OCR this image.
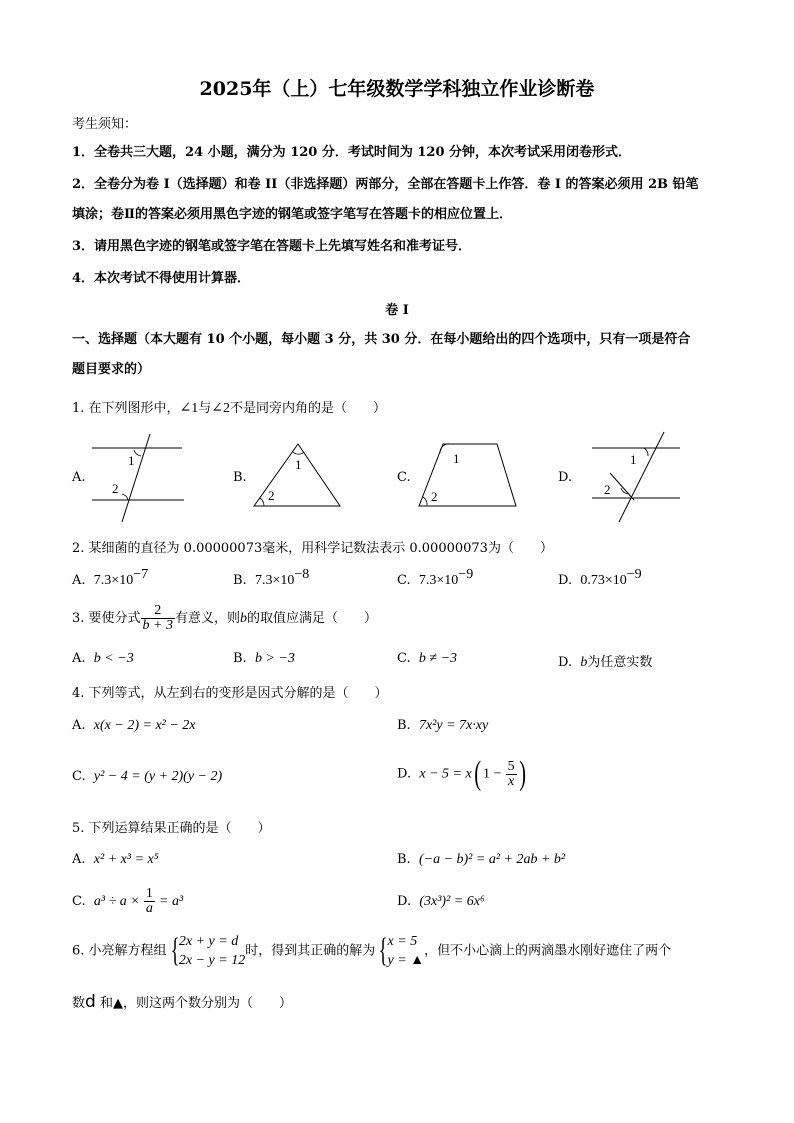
2025年（上）七年级数学学科独立作业诊断卷
考生须知：
1．全卷共三大题，24 小题，满分为 120 分．考试时间为 120 分钟，本次考试采用闭卷形式．
2．全卷分为卷 I（选择题）和卷 II（非选择题）两部分，全部在答题卡上作答．卷 I 的答案必须用 2B 铅笔
填涂；卷Ⅱ的答案必须用黑色字迹的钢笔或签字笔写在答题卡的相应位置上．
3．请用黑色字迹的钢笔或签字笔在答题卡上先填写姓名和准考证号．
4．本次考试不得使用计算器．
卷 I
一、选择题（本大题有 10 个小题，每小题 3 分，共 30 分．在每小题给出的四个选项中，只有一项是符合
题目要求的）
1. 在下列图形中，∠1与∠2不是同旁内角的是（　　）
A.
1
2
B.
1
2
C.
1
2
D.
1
2
2. 某细菌的直径为 0.00000073毫米，用科学记数法表示 0.00000073为（　　）
A. $7.3\times 10^{-7}$	B. $7.3\times 10^{-8}$	C. $7.3\times 10^{-9}$	D. $0.73\times 10^{-9}$
3. 要使分式 $\frac{2}{b + 3}$ 有意义，则b的取值应满足（　　）
A. b < −3	B. b > −3	C. b ≠ −3	D. b为任意实数
4. 下列等式，从左到右的变形是因式分解的是（　　）
A. x(x − 2) = x² − 2x	B. 7x²y = 7x·xy
C. y² − 4 = (y + 2)(y − 2)	D. x − 5 = x( $1 - \frac{5}{x}$ )
5. 下列运算结果正确的是（　　）
A. x² + x³ = x⁵	B. (−a − b)² = a² + 2ab + b²
C. $a^3 \div a \times \frac{1}{a} = a^3$	D. (3x³)² = 6x⁶
6. 小亮解方程组 { 2x + y = d
2x − y = 12
时，得到其正确的解为 { x = 5
y = ▲
，但不小心滴上的两滴墨水刚好遮住了两个
数d 和▲，则这两个数分别为（　　）
